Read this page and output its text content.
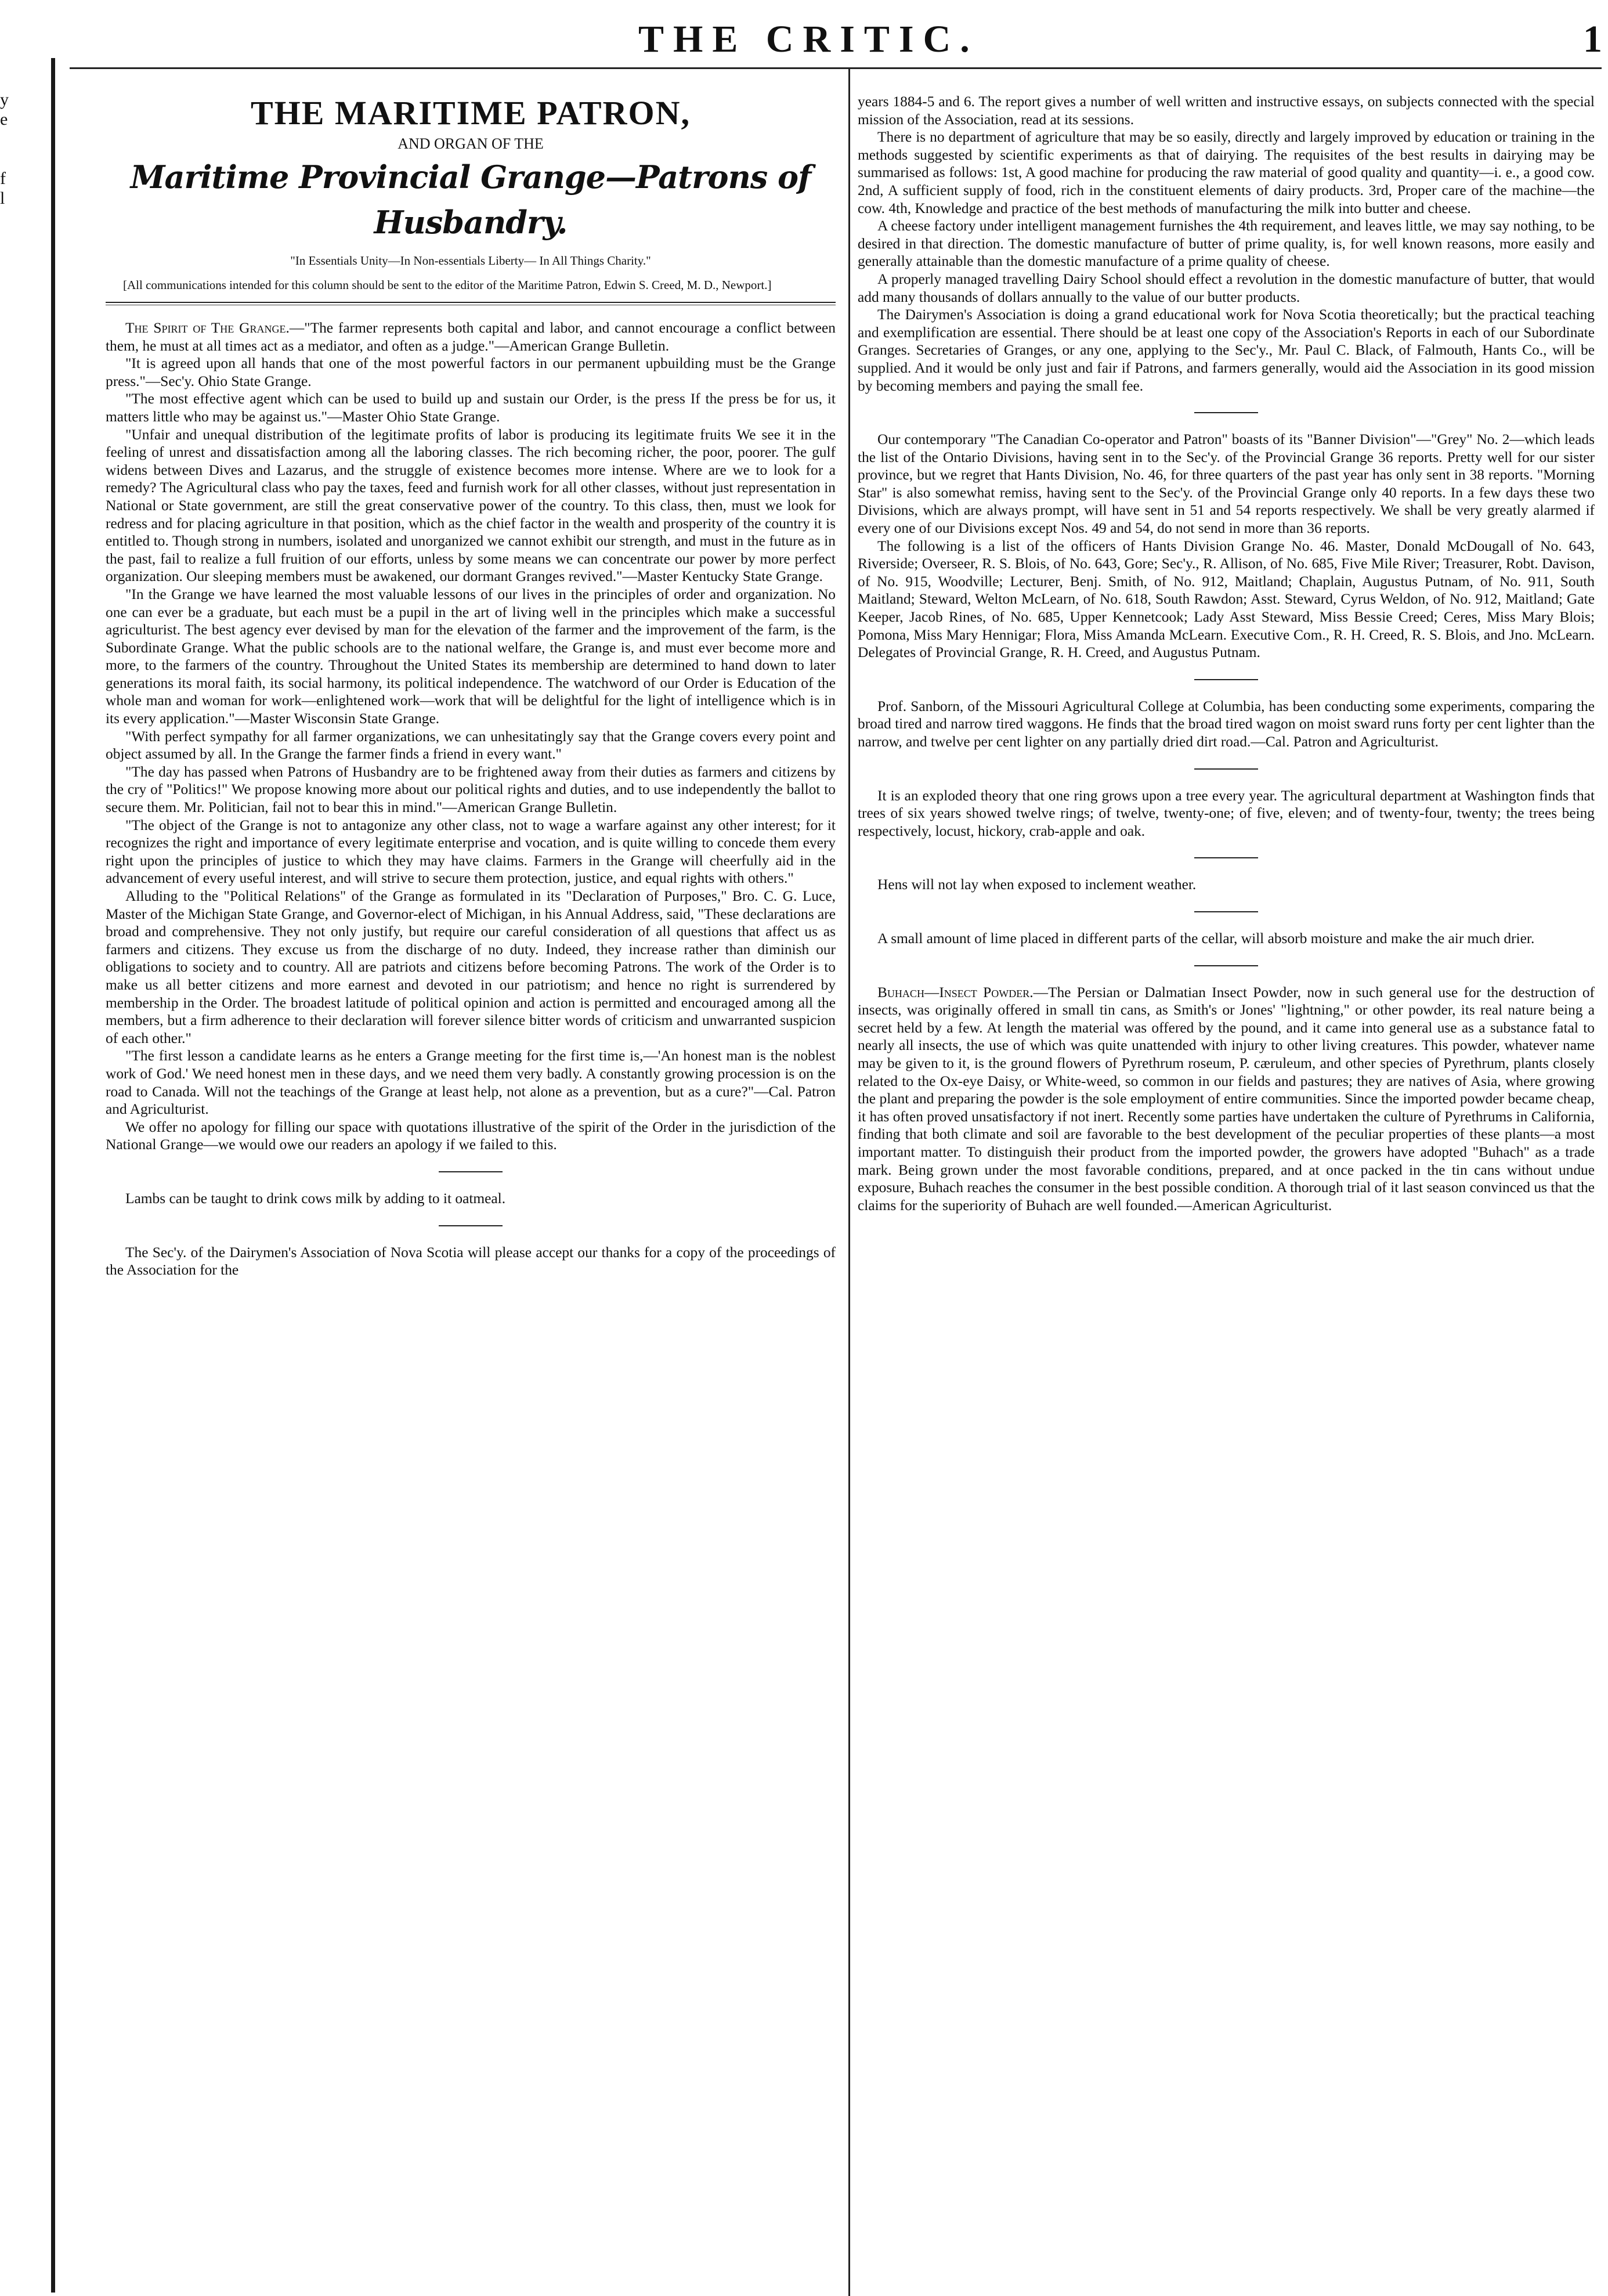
y
e
f
l
THE CRITIC.	1
THE MARITIME PATRON,
AND ORGAN OF THE
Maritime Provincial Grange—Patrons of Husbandry.
"In Essentials Unity—In Non-essentials Liberty— In All Things Charity."
[All communications intended for this column should be sent to the editor of the Maritime Patron, Edwin S. Creed, M. D., Newport.]

The Spirit of The Grange.—"The farmer represents both capital and labor, and cannot encourage a conflict between them, he must at all times act as a mediator, and often as a judge."—American Grange Bulletin.

"It is agreed upon all hands that one of the most powerful factors in our permanent upbuilding must be the Grange press."—Sec'y. Ohio State Grange.

"The most effective agent which can be used to build up and sustain our Order, is the press If the press be for us, it matters little who may be against us."—Master Ohio State Grange.

"Unfair and unequal distribution of the legitimate profits of labor is producing its legitimate fruits We see it in the feeling of unrest and dissatisfaction among all the laboring classes. The rich becoming richer, the poor, poorer. The gulf widens between Dives and Lazarus, and the struggle of existence becomes more intense. Where are we to look for a remedy? The Agricultural class who pay the taxes, feed and furnish work for all other classes, without just representation in National or State government, are still the great conservative power of the country. To this class, then, must we look for redress and for placing agriculture in that position, which as the chief factor in the wealth and prosperity of the country it is entitled to. Though strong in numbers, isolated and unorganized we cannot exhibit our strength, and must in the future as in the past, fail to realize a full fruition of our efforts, unless by some means we can concentrate our power by more perfect organization. Our sleeping members must be awakened, our dormant Granges revived."—Master Kentucky State Grange.

"In the Grange we have learned the most valuable lessons of our lives in the principles of order and organization. No one can ever be a graduate, but each must be a pupil in the art of living well in the principles which make a successful agriculturist. The best agency ever devised by man for the elevation of the farmer and the improvement of the farm, is the Subordinate Grange. What the public schools are to the national welfare, the Grange is, and must ever become more and more, to the farmers of the country. Throughout the United States its membership are determined to hand down to later generations its moral faith, its social harmony, its political independence. The watchword of our Order is Education of the whole man and woman for work—enlightened work—work that will be delightful for the light of intelligence which is in its every application."—Master Wisconsin State Grange.

"With perfect sympathy for all farmer organizations, we can unhesitatingly say that the Grange covers every point and object assumed by all. In the Grange the farmer finds a friend in every want."

"The day has passed when Patrons of Husbandry are to be frightened away from their duties as farmers and citizens by the cry of "Politics!" We propose knowing more about our political rights and duties, and to use independently the ballot to secure them. Mr. Politician, fail not to bear this in mind."—American Grange Bulletin.

"The object of the Grange is not to antagonize any other class, not to wage a warfare against any other interest; for it recognizes the right and importance of every legitimate enterprise and vocation, and is quite willing to concede them every right upon the principles of justice to which they may have claims. Farmers in the Grange will cheerfully aid in the advancement of every useful interest, and will strive to secure them protection, justice, and equal rights with others."

Alluding to the "Political Relations" of the Grange as formulated in its "Declaration of Purposes," Bro. C. G. Luce, Master of the Michigan State Grange, and Governor-elect of Michigan, in his Annual Address, said, "These declarations are broad and comprehensive. They not only justify, but require our careful consideration of all questions that affect us as farmers and citizens. They excuse us from the discharge of no duty. Indeed, they increase rather than diminish our obligations to society and to country. All are patriots and citizens before becoming Patrons. The work of the Order is to make us all better citizens and more earnest and devoted in our patriotism; and hence no right is surrendered by membership in the Order. The broadest latitude of political opinion and action is permitted and encouraged among all the members, but a firm adherence to their declaration will forever silence bitter words of criticism and unwarranted suspicion of each other."

"The first lesson a candidate learns as he enters a Grange meeting for the first time is,—'An honest man is the noblest work of God.' We need honest men in these days, and we need them very badly. A constantly growing procession is on the road to Canada. Will not the teachings of the Grange at least help, not alone as a prevention, but as a cure?"—Cal. Patron and Agriculturist.

We offer no apology for filling our space with quotations illustrative of the spirit of the Order in the jurisdiction of the National Grange—we would owe our readers an apology if we failed to this.

Lambs can be taught to drink cows milk by adding to it oatmeal.

The Sec'y. of the Dairymen's Association of Nova Scotia will please accept our thanks for a copy of the proceedings of the Association for the

years 1884-5 and 6. The report gives a number of well written and instructive essays, on subjects connected with the special mission of the Association, read at its sessions.

There is no department of agriculture that may be so easily, directly and largely improved by education or training in the methods suggested by scientific experiments as that of dairying. The requisites of the best results in dairying may be summarised as follows: 1st, A good machine for producing the raw material of good quality and quantity—i. e., a good cow. 2nd, A sufficient supply of food, rich in the constituent elements of dairy products. 3rd, Proper care of the machine—the cow. 4th, Knowledge and practice of the best methods of manufacturing the milk into butter and cheese.

A cheese factory under intelligent management furnishes the 4th requirement, and leaves little, we may say nothing, to be desired in that direction. The domestic manufacture of butter of prime quality, is, for well known reasons, more easily and generally attainable than the domestic manufacture of a prime quality of cheese.

A properly managed travelling Dairy School should effect a revolution in the domestic manufacture of butter, that would add many thousands of dollars annually to the value of our butter products.

The Dairymen's Association is doing a grand educational work for Nova Scotia theoretically; but the practical teaching and exemplification are essential. There should be at least one copy of the Association's Reports in each of our Subordinate Granges. Secretaries of Granges, or any one, applying to the Sec'y., Mr. Paul C. Black, of Falmouth, Hants Co., will be supplied. And it would be only just and fair if Patrons, and farmers generally, would aid the Association in its good mission by becoming members and paying the small fee.

Our contemporary "The Canadian Co-operator and Patron" boasts of its "Banner Division"—"Grey" No. 2—which leads the list of the Ontario Divisions, having sent in to the Sec'y. of the Provincial Grange 36 reports. Pretty well for our sister province, but we regret that Hants Division, No. 46, for three quarters of the past year has only sent in 38 reports. "Morning Star" is also somewhat remiss, having sent to the Sec'y. of the Provincial Grange only 40 reports. In a few days these two Divisions, which are always prompt, will have sent in 51 and 54 reports respectively. We shall be very greatly alarmed if every one of our Divisions except Nos. 49 and 54, do not send in more than 36 reports.

The following is a list of the officers of Hants Division Grange No. 46. Master, Donald McDougall of No. 643, Riverside; Overseer, R. S. Blois, of No. 643, Gore; Sec'y., R. Allison, of No. 685, Five Mile River; Treasurer, Robt. Davison, of No. 915, Woodville; Lecturer, Benj. Smith, of No. 912, Maitland; Chaplain, Augustus Putnam, of No. 911, South Maitland; Steward, Welton McLearn, of No. 618, South Rawdon; Asst. Steward, Cyrus Weldon, of No. 912, Maitland; Gate Keeper, Jacob Rines, of No. 685, Upper Kennetcook; Lady Asst Steward, Miss Bessie Creed; Ceres, Miss Mary Blois; Pomona, Miss Mary Hennigar; Flora, Miss Amanda McLearn. Executive Com., R. H. Creed, R. S. Blois, and Jno. McLearn. Delegates of Provincial Grange, R. H. Creed, and Augustus Putnam.

Prof. Sanborn, of the Missouri Agricultural College at Columbia, has been conducting some experiments, comparing the broad tired and narrow tired waggons. He finds that the broad tired wagon on moist sward runs forty per cent lighter than the narrow, and twelve per cent lighter on any partially dried dirt road.—Cal. Patron and Agriculturist.

It is an exploded theory that one ring grows upon a tree every year. The agricultural department at Washington finds that trees of six years showed twelve rings; of twelve, twenty-one; of five, eleven; and of twenty-four, twenty; the trees being respectively, locust, hickory, crab-apple and oak.

Hens will not lay when exposed to inclement weather.

A small amount of lime placed in different parts of the cellar, will absorb moisture and make the air much drier.

Buhach—Insect Powder.—The Persian or Dalmatian Insect Powder, now in such general use for the destruction of insects, was originally offered in small tin cans, as Smith's or Jones' "lightning," or other powder, its real nature being a secret held by a few. At length the material was offered by the pound, and it came into general use as a substance fatal to nearly all insects, the use of which was quite unattended with injury to other living creatures. This powder, whatever name may be given to it, is the ground flowers of Pyrethrum roseum, P. cæruleum, and other species of Pyrethrum, plants closely related to the Ox-eye Daisy, or White-weed, so common in our fields and pastures; they are natives of Asia, where growing the plant and preparing the powder is the sole employment of entire communities. Since the imported powder became cheap, it has often proved unsatisfactory if not inert. Recently some parties have undertaken the culture of Pyrethrums in California, finding that both climate and soil are favorable to the best development of the peculiar properties of these plants—a most important matter. To distinguish their product from the imported powder, the growers have adopted "Buhach" as a trade mark. Being grown under the most favorable conditions, prepared, and at once packed in the tin cans without undue exposure, Buhach reaches the consumer in the best possible condition. A thorough trial of it last season convinced us that the claims for the superiority of Buhach are well founded.—American Agriculturist.
